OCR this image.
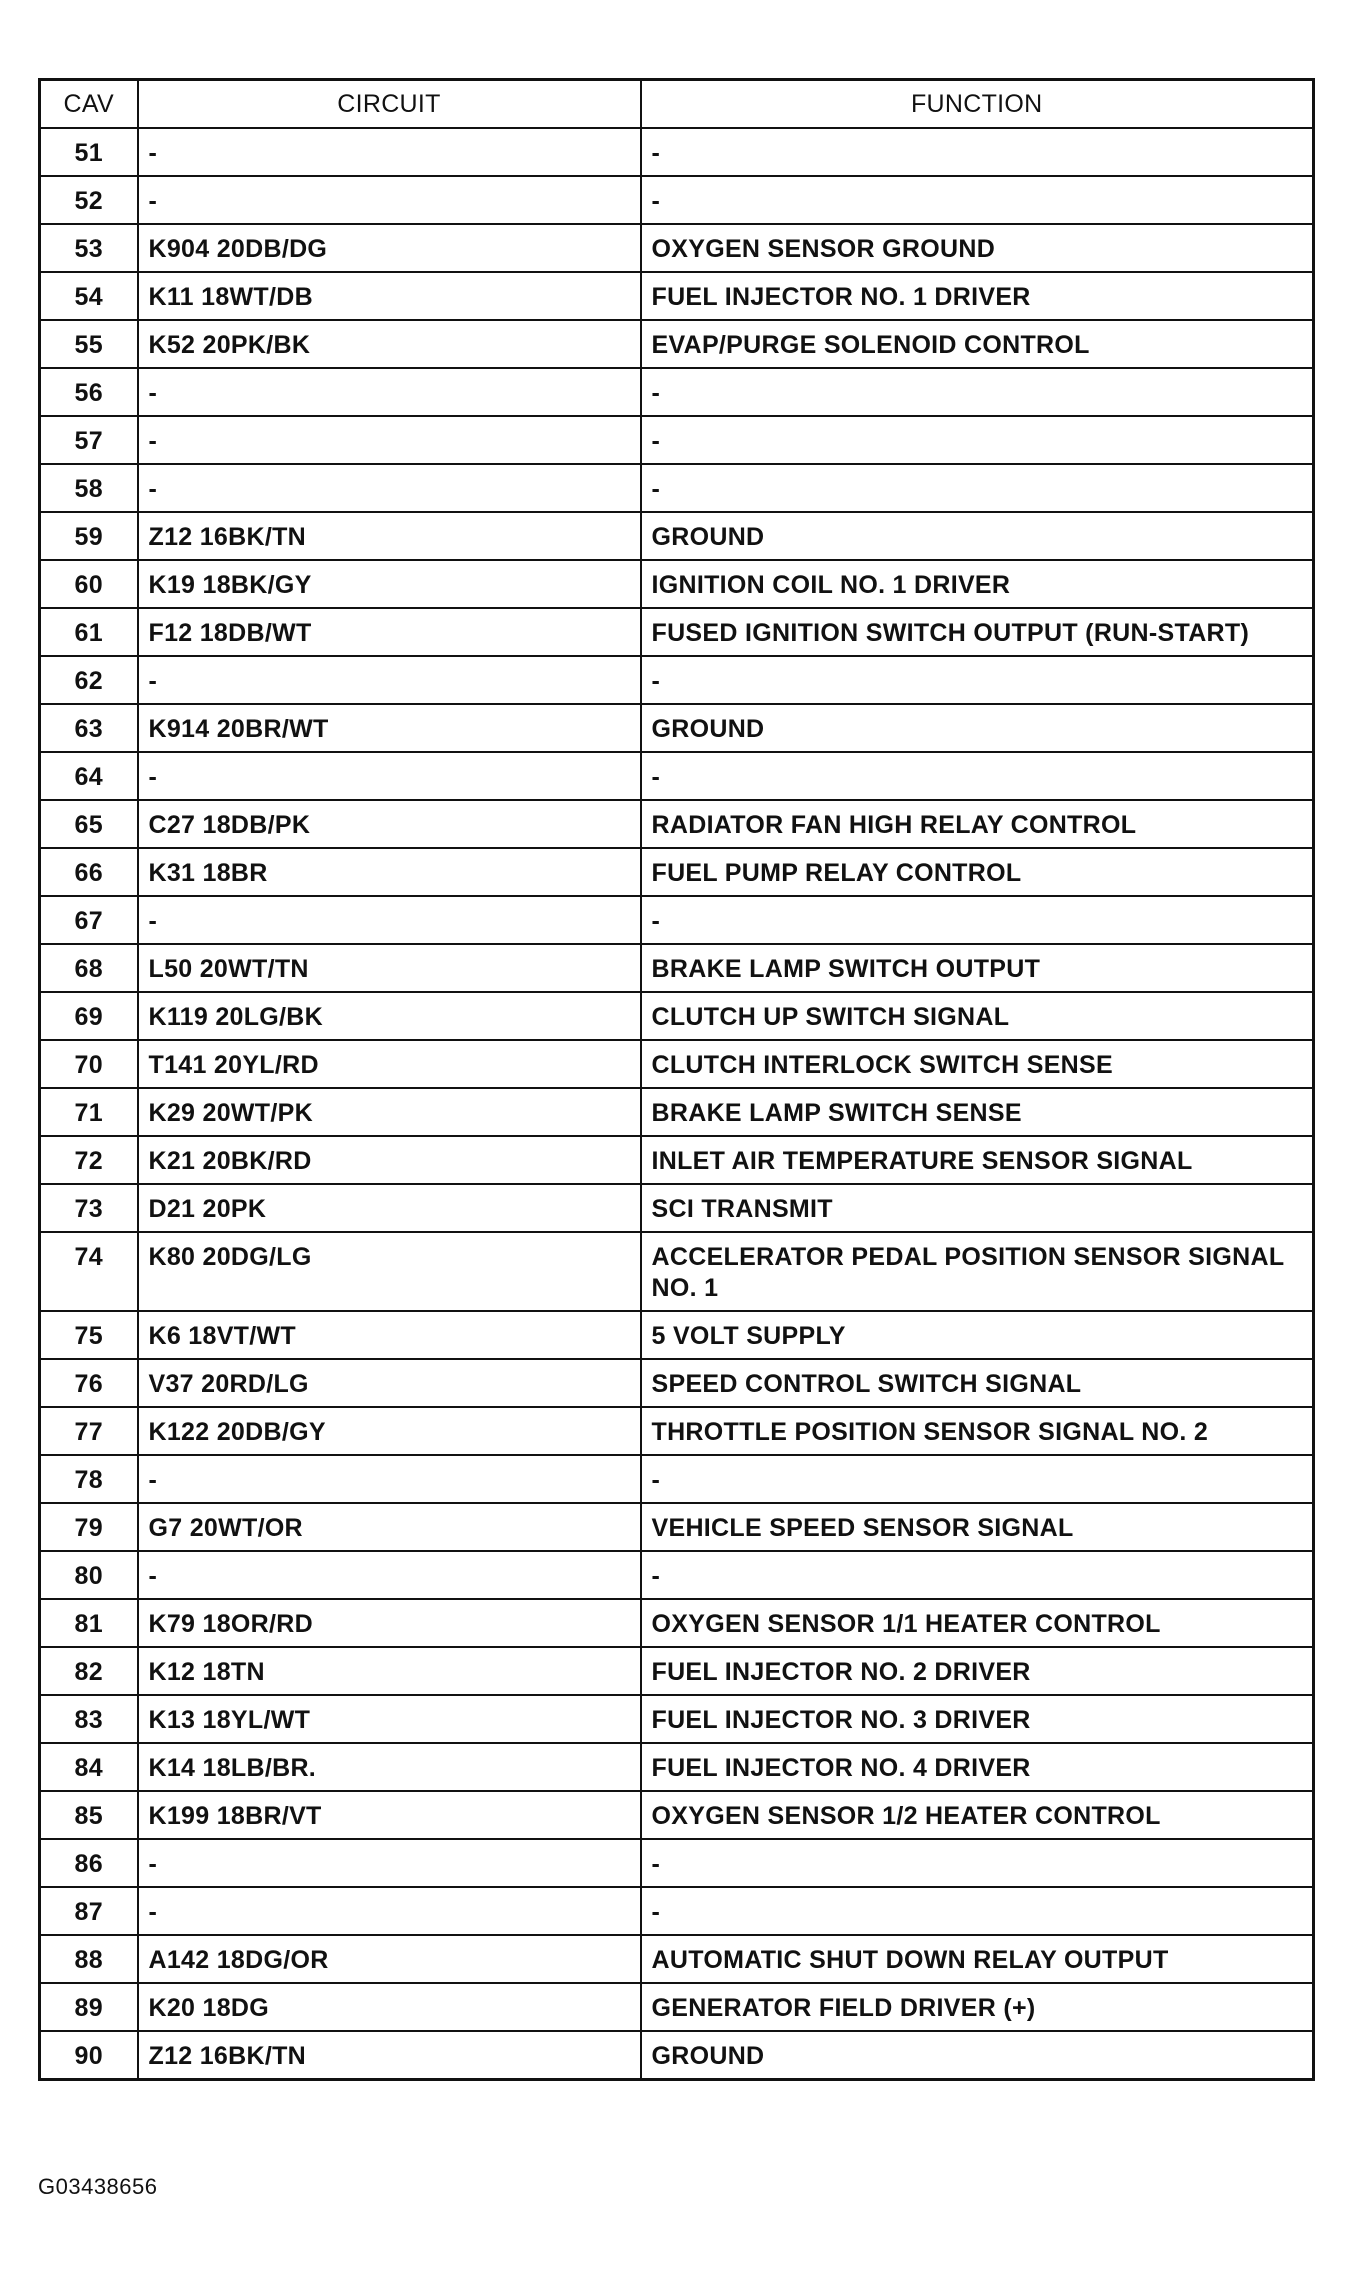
CAV	CIRCUIT	FUNCTION
51	-	-
52	-	-
53	K904 20DB/DG	OXYGEN SENSOR GROUND
54	K11 18WT/DB	FUEL INJECTOR NO. 1 DRIVER
55	K52 20PK/BK	EVAP/PURGE SOLENOID CONTROL
56	-	-
57	-	-
58	-	-
59	Z12 16BK/TN	GROUND
60	K19 18BK/GY	IGNITION COIL NO. 1 DRIVER
61	F12 18DB/WT	FUSED IGNITION SWITCH OUTPUT (RUN-START)
62	-	-
63	K914 20BR/WT	GROUND
64	-	-
65	C27 18DB/PK	RADIATOR FAN HIGH RELAY CONTROL
66	K31 18BR	FUEL PUMP RELAY CONTROL
67	-	-
68	L50 20WT/TN	BRAKE LAMP SWITCH OUTPUT
69	K119 20LG/BK	CLUTCH UP SWITCH SIGNAL
70	T141 20YL/RD	CLUTCH INTERLOCK SWITCH SENSE
71	K29 20WT/PK	BRAKE LAMP SWITCH SENSE
72	K21 20BK/RD	INLET AIR TEMPERATURE SENSOR SIGNAL
73	D21 20PK	SCI TRANSMIT
74	K80 20DG/LG	ACCELERATOR PEDAL POSITION SENSOR SIGNAL NO. 1
75	K6 18VT/WT	5 VOLT SUPPLY
76	V37 20RD/LG	SPEED CONTROL SWITCH SIGNAL
77	K122 20DB/GY	THROTTLE POSITION SENSOR SIGNAL NO. 2
78	-	-
79	G7 20WT/OR	VEHICLE SPEED SENSOR SIGNAL
80	-	-
81	K79 18OR/RD	OXYGEN SENSOR 1/1 HEATER CONTROL
82	K12 18TN	FUEL INJECTOR NO. 2 DRIVER
83	K13 18YL/WT	FUEL INJECTOR NO. 3 DRIVER
84	K14 18LB/BR.	FUEL INJECTOR NO. 4 DRIVER
85	K199 18BR/VT	OXYGEN SENSOR 1/2 HEATER CONTROL
86	-	-
87	-	-
88	A142 18DG/OR	AUTOMATIC SHUT DOWN RELAY OUTPUT
89	K20 18DG	GENERATOR FIELD DRIVER (+)
90	Z12 16BK/TN	GROUND
G03438656
